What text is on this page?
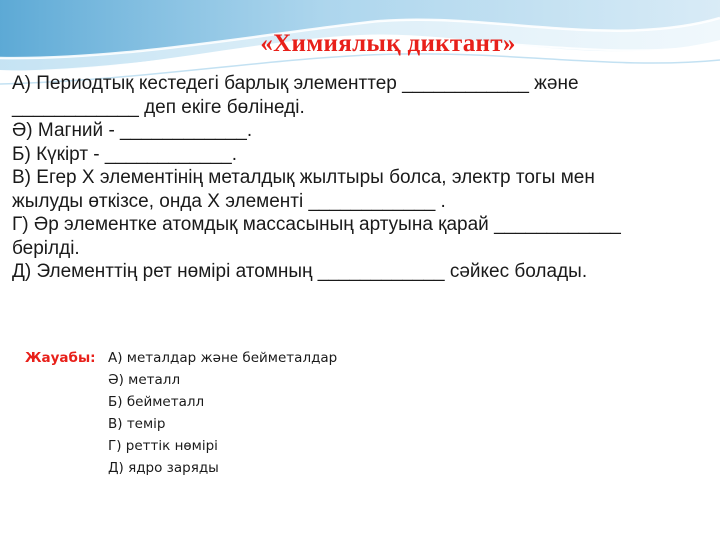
«Химиялық диктант»
А) Периодтық кестедегі барлық элементтер ____________ және
____________ деп екіге бөлінеді.
Ә) Магний - ____________.
Б) Күкірт - ____________.
В) Егер Х элементінің металдық жылтыры болса, электр тогы мен
жылуды өткізсе, онда Х элементі ____________ .
Г) Әр элементке атомдық массасының артуына қарай ____________
берілді.
Д) Элементтің рет нөмірі атомның ____________ сәйкес болады.
Жауабы: А) металдар және бейметалдар
Ә) металл
Б) бейметалл
В) темір
Г) реттік нөмірі
Д) ядро заряды
